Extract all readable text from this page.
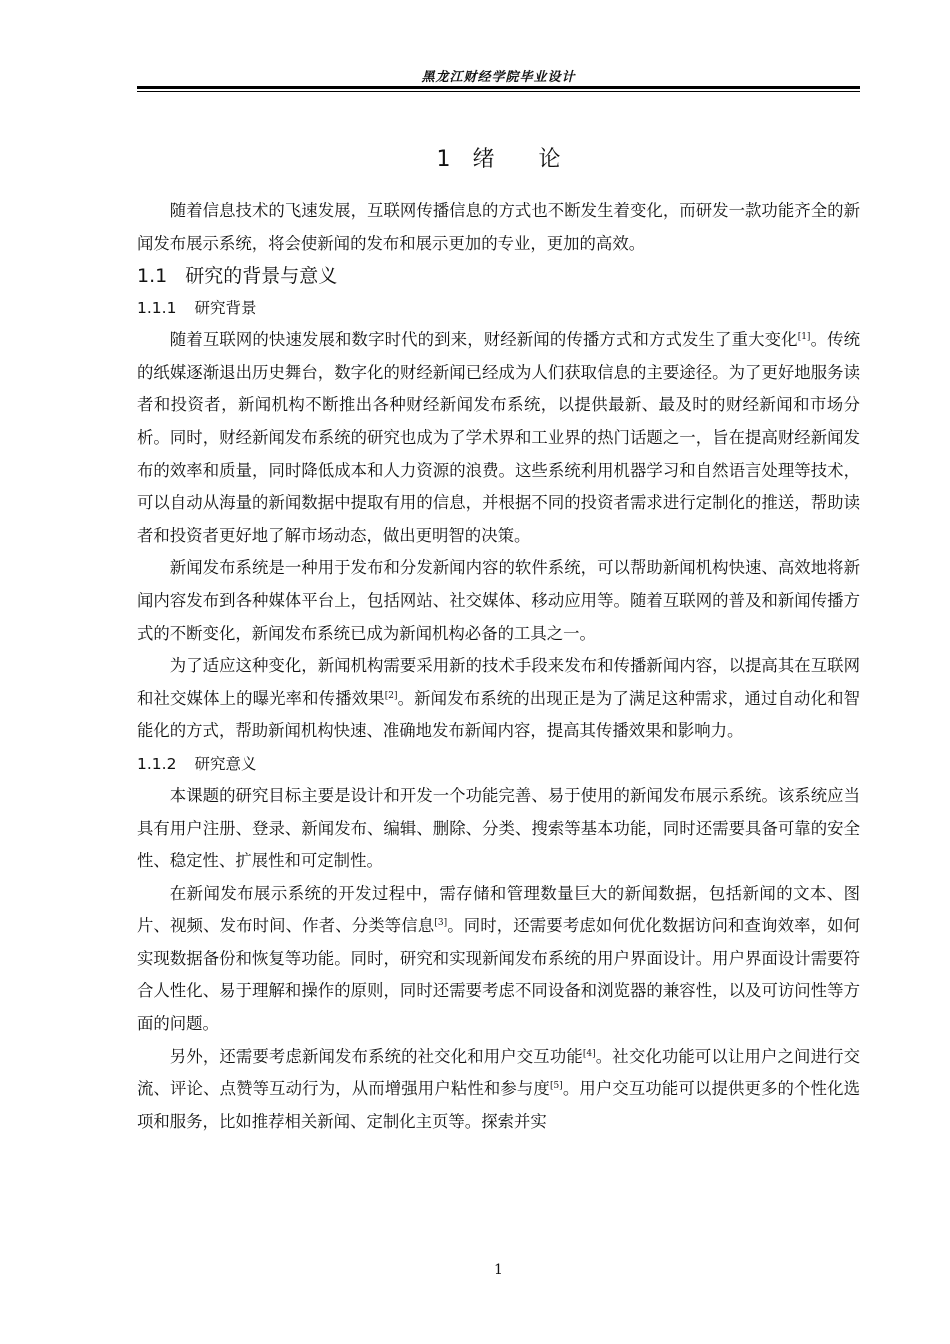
黑龙江财经学院毕业设计
1　绪　　论

随着信息技术的飞速发展，互联网传播信息的方式也不断发生着变化，而研发一款功能齐全的新闻发布展示系统，将会使新闻的发布和展示更加的专业，更加的高效。

1.1 研究的背景与意义
1.1.1 研究背景

随着互联网的快速发展和数字时代的到来，财经新闻的传播方式和方式发生了重大变化[1]。传统的纸媒逐渐退出历史舞台，数字化的财经新闻已经成为人们获取信息的主要途径。为了更好地服务读者和投资者，新闻机构不断推出各种财经新闻发布系统，以提供最新、最及时的财经新闻和市场分析。同时，财经新闻发布系统的研究也成为了学术界和工业界的热门话题之一，旨在提高财经新闻发布的效率和质量，同时降低成本和人力资源的浪费。这些系统利用机器学习和自然语言处理等技术，可以自动从海量的新闻数据中提取有用的信息，并根据不同的投资者需求进行定制化的推送，帮助读者和投资者更好地了解市场动态，做出更明智的决策。

新闻发布系统是一种用于发布和分发新闻内容的软件系统，可以帮助新闻机构快速、高效地将新闻内容发布到各种媒体平台上，包括网站、社交媒体、移动应用等。随着互联网的普及和新闻传播方式的不断变化，新闻发布系统已成为新闻机构必备的工具之一。

为了适应这种变化，新闻机构需要采用新的技术手段来发布和传播新闻内容，以提高其在互联网和社交媒体上的曝光率和传播效果[2]。新闻发布系统的出现正是为了满足这种需求，通过自动化和智能化的方式，帮助新闻机构快速、准确地发布新闻内容，提高其传播效果和影响力。

1.1.2 研究意义

本课题的研究目标主要是设计和开发一个功能完善、易于使用的新闻发布展示系统。该系统应当具有用户注册、登录、新闻发布、编辑、删除、分类、搜索等基本功能，同时还需要具备可靠的安全性、稳定性、扩展性和可定制性。

在新闻发布展示系统的开发过程中，需存储和管理数量巨大的新闻数据，包括新闻的文本、图片、视频、发布时间、作者、分类等信息[3]。同时，还需要考虑如何优化数据访问和查询效率，如何实现数据备份和恢复等功能。同时，研究和实现新闻发布系统的用户界面设计。用户界面设计需要符合人性化、易于理解和操作的原则，同时还需要考虑不同设备和浏览器的兼容性，以及可访问性等方面的问题。

另外，还需要考虑新闻发布系统的社交化和用户交互功能[4]。社交化功能可以让用户之间进行交流、评论、点赞等互动行为，从而增强用户粘性和参与度[5]。用户交互功能可以提供更多的个性化选项和服务，比如推荐相关新闻、定制化主页等。探索并实

1
